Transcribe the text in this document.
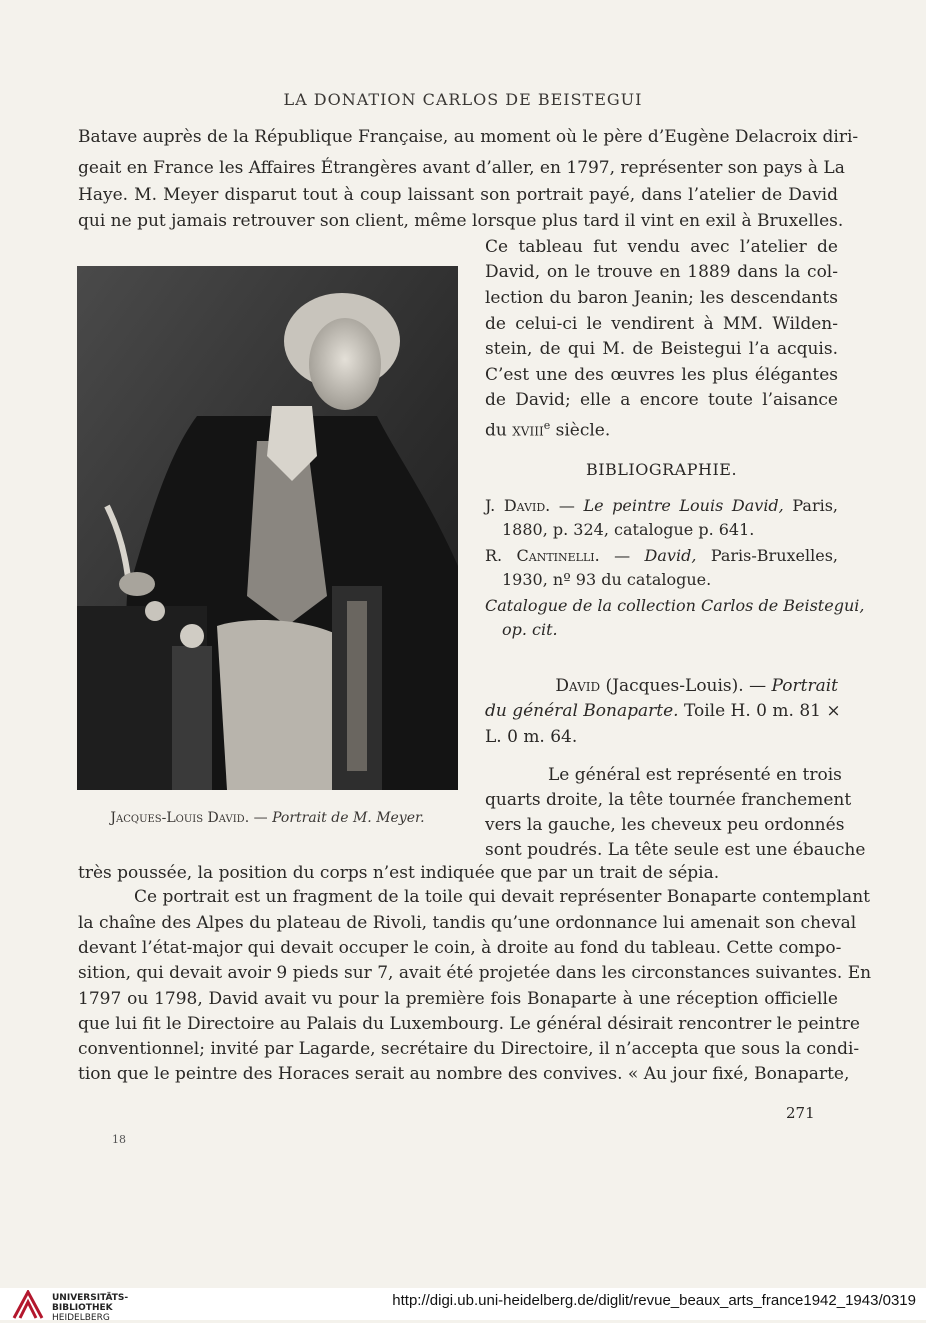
LA DONATION CARLOS DE BEISTEGUI
Batave auprès de la République Française, au moment où le père d’Eugène Delacroix diri-
geait en France les Affaires Étrangères avant d’aller, en 1797, représenter son pays à La
Haye. M. Meyer disparut tout à coup laissant son portrait payé, dans l’atelier de David
qui ne put jamais retrouver son client, même lorsque plus tard il vint en exil à Bruxelles.
Ce tableau fut vendu avec l’atelier de
David, on le trouve en 1889 dans la col-
lection du baron Jeanin; les descendants
de celui-ci le vendirent à MM. Wilden-
stein, de qui M. de Beistegui l’a acquis.
C’est une des œuvres les plus élégantes
de David; elle a encore toute l’aisance
du xviii$^e$ siècle.
BIBLIOGRAPHIE.
J. David. — Le peintre Louis David, Paris,
1880, p. 324, catalogue p. 641.
R. Cantinelli. — David, Paris-Bruxelles,
1930, nº 93 du catalogue.
Catalogue de la collection Carlos de Beistegui,
op. cit.
David (Jacques-Louis). — Portrait
du général Bonaparte. Toile H. 0 m. 81 ×
L. 0 m. 64.
Le général est représenté en trois
quarts droite, la tête tournée franchement
vers la gauche, les cheveux peu ordonnés
sont poudrés. La tête seule est une ébauche
très poussée, la position du corps n’est indiquée que par un trait de sépia.
Ce portrait est un fragment de la toile qui devait représenter Bonaparte contemplant
la chaîne des Alpes du plateau de Rivoli, tandis qu’une ordonnance lui amenait son cheval
devant l’état-major qui devait occuper le coin, à droite au fond du tableau. Cette compo-
sition, qui devait avoir 9 pieds sur 7, avait été projetée dans les circonstances suivantes. En
1797 ou 1798, David avait vu pour la première fois Bonaparte à une réception officielle
que lui fit le Directoire au Palais du Luxembourg. Le général désirait rencontrer le peintre
conventionnel; invité par Lagarde, secrétaire du Directoire, il n’accepta que sous la condi-
tion que le peintre des Horaces serait au nombre des convives. « Au jour fixé, Bonaparte,
Jacques-Louis David. — Portrait de M. Meyer.
271
18
UNIVERSITÄTS-
BIBLIOTHEK
HEIDELBERG
http://digi.ub.uni-heidelberg.de/diglit/revue_beaux_arts_france1942_1943/0319
